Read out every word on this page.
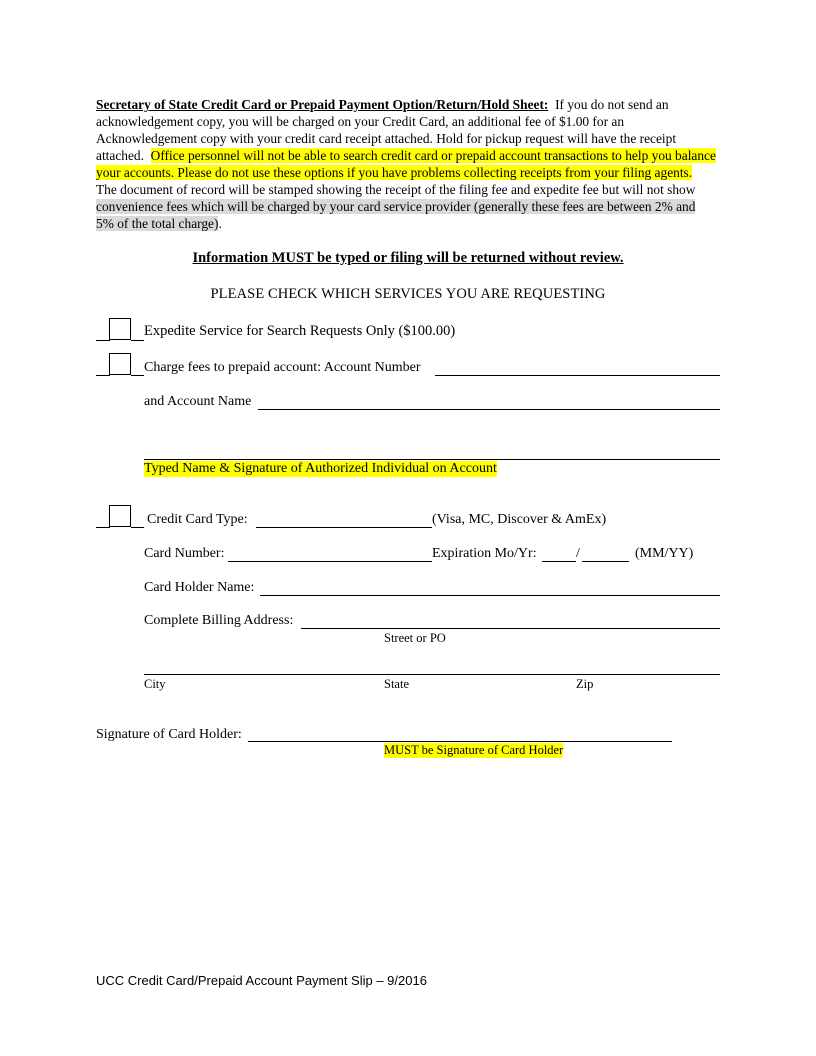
Secretary of State Credit Card or Prepaid Payment Option/Return/Hold Sheet: If you do not send an acknowledgement copy, you will be charged on your Credit Card, an additional fee of $1.00 for an Acknowledgement copy with your credit card receipt attached. Hold for pickup request will have the receipt attached. Office personnel will not be able to search credit card or prepaid account transactions to help you balance your accounts. Please do not use these options if you have problems collecting receipts from your filing agents.  The document of record will be stamped showing the receipt of the filing fee and expedite fee but will not show convenience fees which will be charged by your card service provider (generally these fees are between 2% and 5% of the total charge).
Information MUST be typed or filing will be returned without review.
PLEASE CHECK WHICH SERVICES YOU ARE REQUESTING
Expedite Service for Search Requests Only ($100.00)
Charge fees to prepaid account: Account Number
and Account Name
Typed Name & Signature of Authorized Individual on Account
Credit Card Type:	(Visa, MC, Discover & AmEx)
Card Number:	Expiration Mo/Yr:	/	(MM/YY)
Card Holder Name:
Complete Billing Address:
Street or PO
City	State	Zip
Signature of Card Holder:
MUST be Signature of Card Holder
UCC Credit Card/Prepaid Account Payment Slip – 9/2016
